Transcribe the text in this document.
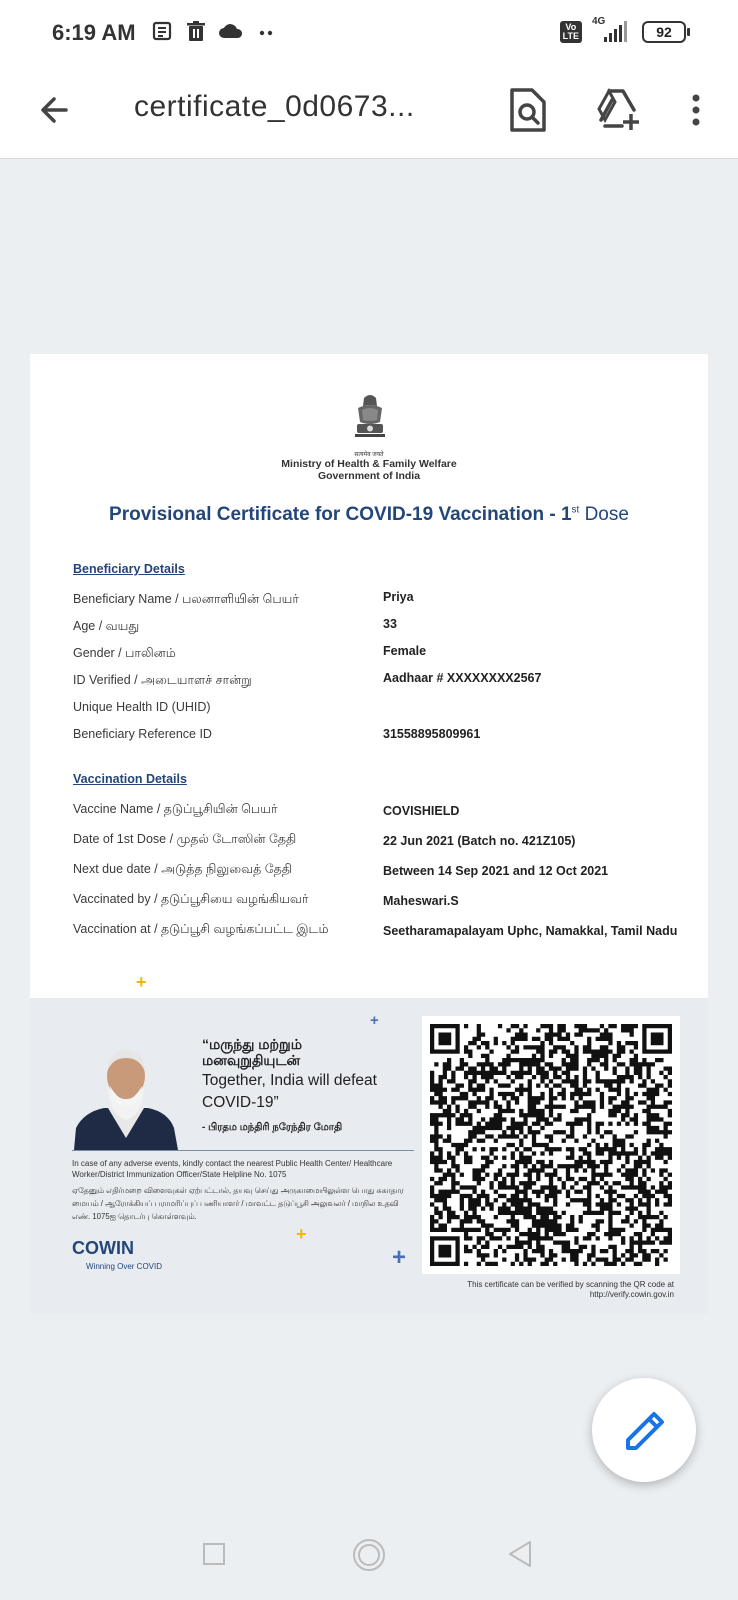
6:19 AM	Vo
LTE
4G
92
certificate_0d0673...
सत्यमेव जयते
Ministry of Health & Family Welfare
Government of India
Provisional Certificate for COVID-19 Vaccination - 1st Dose
Beneficiary Details
Beneficiary Name / பலனாளியின் பெயர்	Priya
Age / வயது	33
Gender / பாலினம்	Female
ID Verified / அடையாளச் சான்று	Aadhaar # XXXXXXXX2567
Unique Health ID (UHID)
Beneficiary Reference ID	31558895809961
Vaccination Details
Vaccine Name / தடுப்பூசியின் பெயர்	COVISHIELD
Date of 1st Dose / முதல் டோஸின் தேதி	22 Jun 2021 (Batch no. 421Z105)
Next due date / அடுத்த நிலுவைத் தேதி	Between 14 Sep 2021 and 12 Oct 2021
Vaccinated by / தடுப்பூசியை வழங்கியவர்	Maheswari.S
Vaccination at / தடுப்பூசி வழங்கப்பட்ட இடம்	Seetharamapalayam Uphc, Namakkal, Tamil Nadu
+
+
+
+
“மருந்து மற்றும் மனவுறுதியுடன்
Together, India will defeat COVID-19”
- பிரதம மந்திரி நரேந்திர மோதி
In case of any adverse events, kindly contact the nearest Public Health Center/ Healthcare Worker/District Immunization Officer/State Helpline No. 1075
ஏதேனும் எதிர்மறை விளைவுகள் ஏற்பட்டால், தயவு செய்து அருகாமையிலுள்ள பொது சுகாதார மையம் / ஆரோக்கியப் பராமரிப்புப் பணியாளர் / மாவட்ட தடுப்பூசி அலுவலர் / மாநில உதவி எண். 1075ஐ தொடர்பு கொள்ளவும்.
COWIN
Winning Over COVID
This certificate can be verified by scanning the QR code at
http://verify.cowin.gov.in
